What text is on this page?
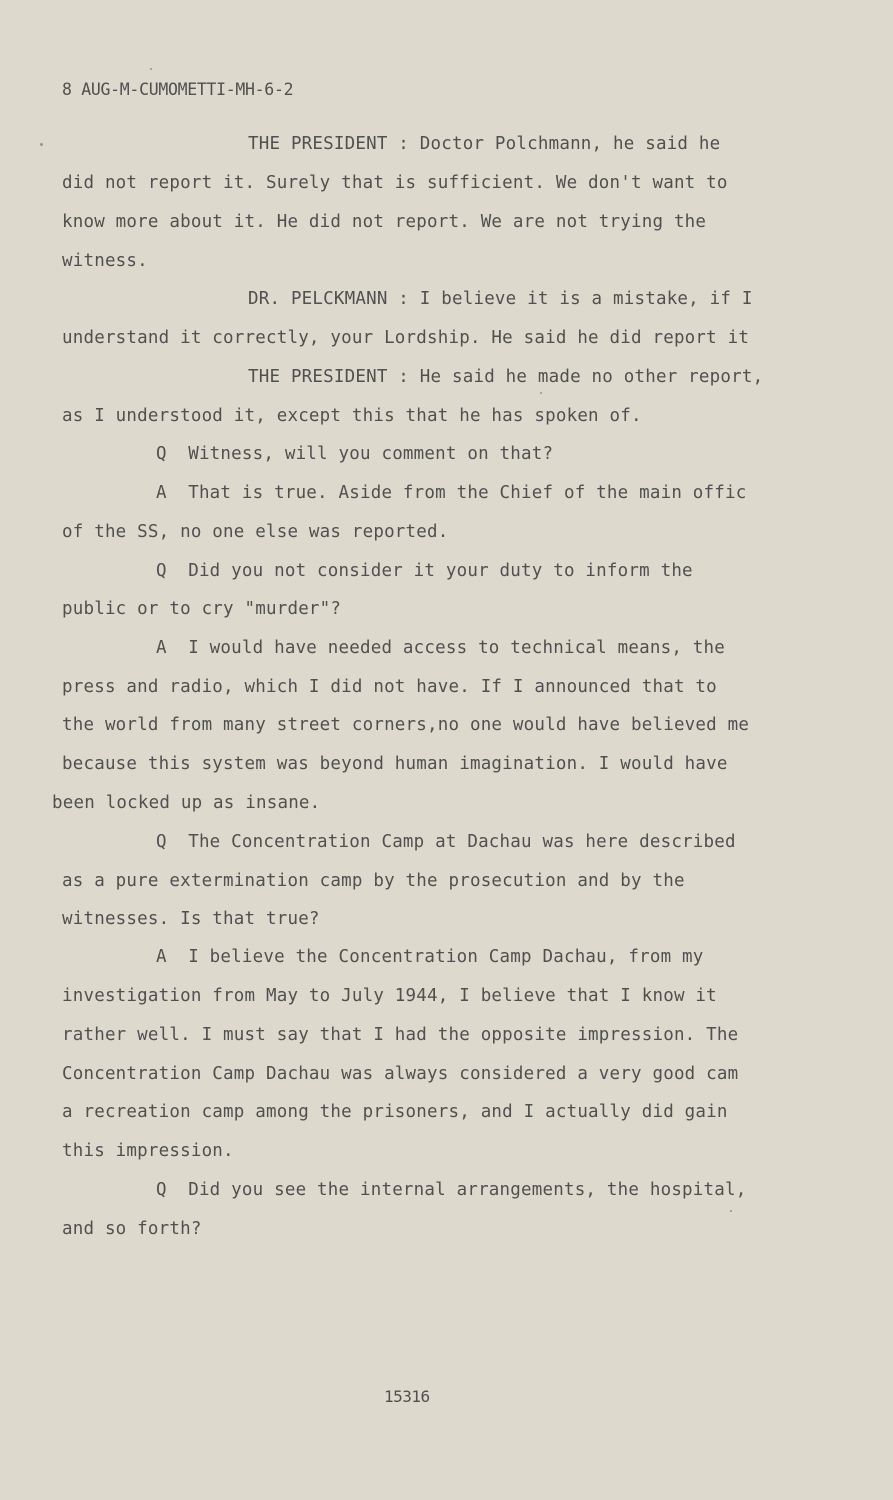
8 AUG-M-CUMOMETTI-MH-6-2
THE PRESIDENT : Doctor Polchmann, he said he
did not report it. Surely that is sufficient. We don't want to
know more about it. He did not report. We are not trying the
witness.
DR. PELCKMANN : I believe it is a mistake, if I
understand it correctly, your Lordship. He said he did report it
THE PRESIDENT : He said he made no other report,
as I understood it, except this that he has spoken of.
Q  Witness, will you comment on that?
A  That is true. Aside from the Chief of the main offic
of the SS, no one else was reported.
Q  Did you not consider it your duty to inform the
public or to cry "murder"?
A  I would have needed access to technical means, the
press and radio, which I did not have. If I announced that to
the world from many street corners,no one would have believed me
because this system was beyond human imagination. I would have
been locked up as insane.
Q  The Concentration Camp at Dachau was here described
as a pure extermination camp by the prosecution and by the
witnesses. Is that true?
A  I believe the Concentration Camp Dachau, from my
investigation from May to July 1944, I believe that I know it
rather well. I must say that I had the opposite impression. The
Concentration Camp Dachau was always considered a very good cam
a recreation camp among the prisoners, and I actually did gain
this impression.
Q  Did you see the internal arrangements, the hospital,
and so forth?
15316
